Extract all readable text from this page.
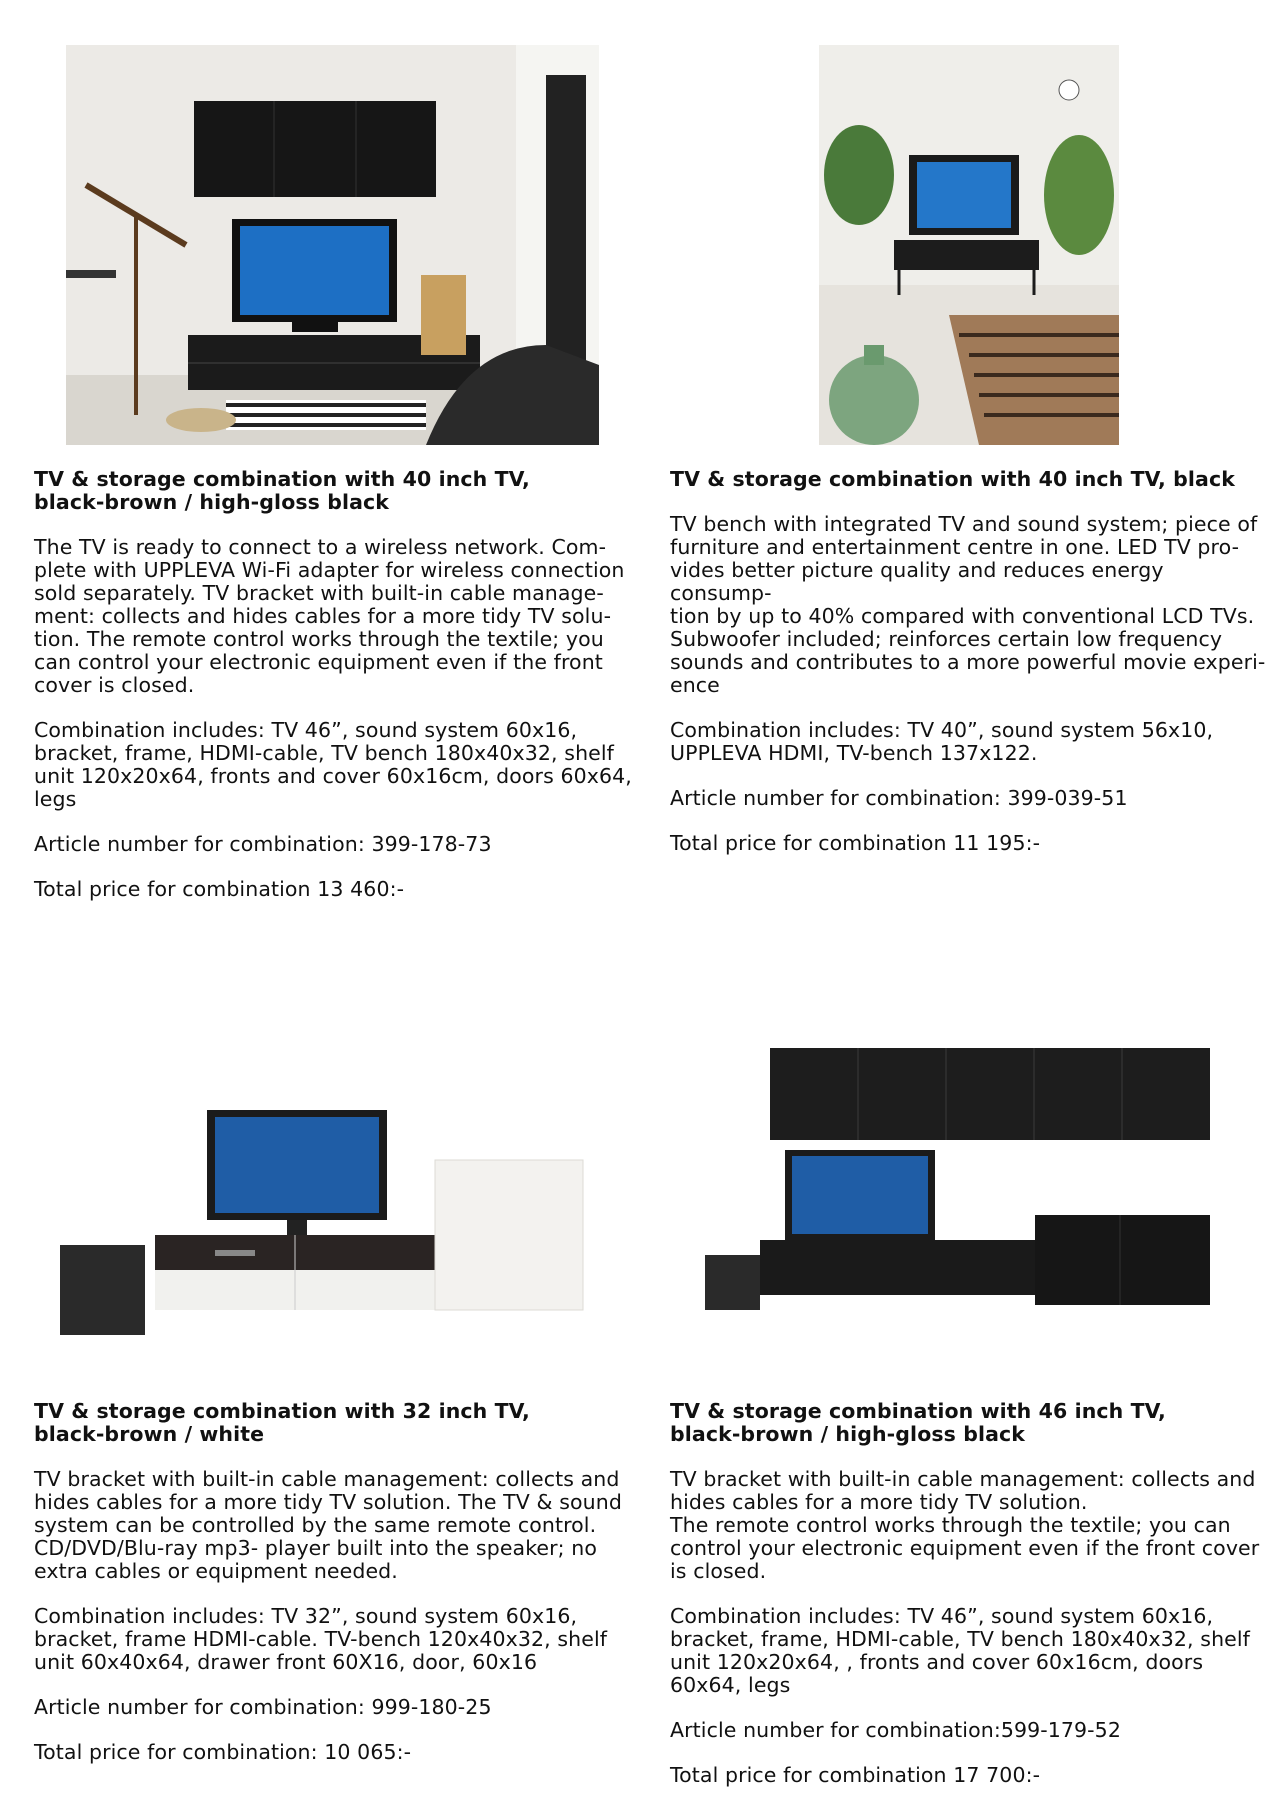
TV & storage combination with 40 inch TV,
black-brown / high-gloss black
The TV is ready to connect to a wireless network. Com-
plete with UPPLEVA Wi-Fi adapter for wireless connection
sold separately. TV bracket with built-in cable manage-
ment: collects and hides cables for a more tidy TV solu-
tion. The remote control works through the textile; you
can control your electronic equipment even if the front
cover is closed.
Combination includes: TV 46”, sound system 60x16,
bracket, frame, HDMI-cable, TV bench 180x40x32, shelf
unit 120x20x64, fronts and cover 60x16cm, doors 60x64,
legs
Article number for combination: 399-178-73
Total price for combination 13 460:-
TV & storage combination with 40 inch TV, black
TV bench with integrated TV and sound system; piece of
furniture and entertainment centre in one. LED TV pro-
vides better picture quality and reduces energy consump-
tion by up to 40% compared with conventional LCD TVs.
Subwoofer included; reinforces certain low frequency
sounds and contributes to a more powerful movie experi-
ence
Combination includes: TV 40”, sound system 56x10,
UPPLEVA HDMI, TV-bench 137x122.
Article number for combination: 399-039-51
Total price for combination 11 195:-
TV & storage combination with 32 inch TV,
black-brown / white
TV bracket with built-in cable management: collects and
hides cables for a more tidy TV solution. The TV & sound
system can be controlled by the same remote control.
CD/DVD/Blu-ray mp3- player built into the speaker; no
extra cables or equipment needed.
Combination includes: TV 32”, sound system 60x16,
bracket, frame HDMI-cable. TV-bench 120x40x32, shelf
unit 60x40x64, drawer front 60X16, door, 60x16
Article number for combination: 999-180-25
Total price for combination: 10 065:-
TV & storage combination with 46 inch TV,
black-brown / high-gloss black
TV bracket with built-in cable management: collects and
hides cables for a more tidy TV solution.
The remote control works through the textile; you can
control your electronic equipment even if the front cover
is closed.
Combination includes: TV 46”, sound system 60x16,
bracket, frame, HDMI-cable, TV bench 180x40x32, shelf
unit 120x20x64, , fronts and cover 60x16cm, doors
60x64, legs
Article number for combination:599-179-52
Total price for combination 17 700:-
